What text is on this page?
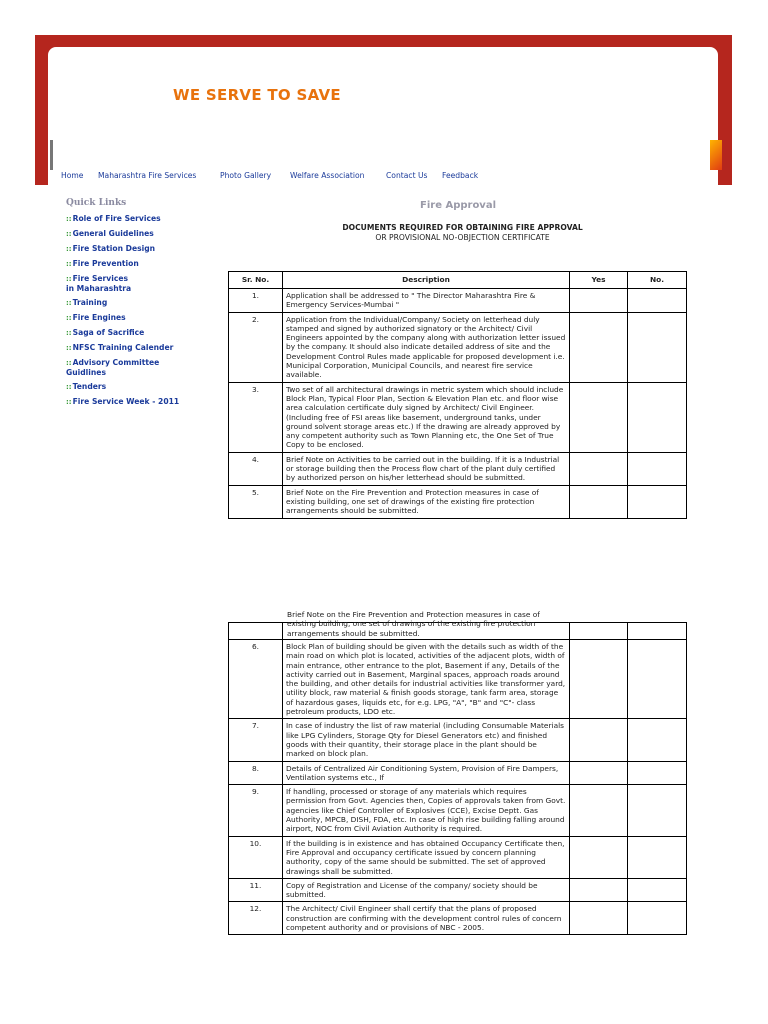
WE SERVE TO SAVE
Home Maharashtra Fire Services	Photo Gallery Welfare Association	Contact Us Feedback
Quick Links
::Role of Fire Services
::General Guidelines
::Fire Station Design
::Fire Prevention
::Fire Services
in Maharashtra
::Training
::Fire Engines
::Saga of Sacrifice
::NFSC Training Calender
::Advisory Committee
Guidlines
::Tenders
::Fire Service Week - 2011
Fire Approval
DOCUMENTS REQUIRED FOR OBTAINING FIRE APPROVAL
OR PROVISIONAL NO-OBJECTION CERTIFICATE
Sr. No.	Description	Yes	No.
1.	Application shall be addressed to " The Director Maharashtra Fire & Emergency Services-Mumbai "		
2.	Application from the Individual/Company/ Society on letterhead duly stamped and signed by authorized signatory or the Architect/ Civil Engineers appointed by the company along with authorization letter issued by the company. It should also indicate detailed address of site and the Development Control Rules made applicable for proposed development i.e. Municipal Corporation, Municipal Councils, and nearest fire service available.		
3.	Two set of all architectural drawings in metric system which should include Block Plan, Typical Floor Plan, Section & Elevation Plan etc. and floor wise area calculation certificate duly signed by Architect/ Civil Engineer.(Including free of FSI areas like basement, underground tanks, under ground solvent storage areas etc.) If the drawing are already approved by any competent authority such as Town Planning etc, the One Set of True Copy to be enclosed.		
4.	Brief Note on Activities to be carried out in the building. If it is a Industrial or storage building then the Process flow chart of the plant duly certified by authorized person on his/her letterhead should be submitted.		
5.	Brief Note on the Fire Prevention and Protection measures in case of existing building, one set of drawings of the existing fire protection arrangements should be submitted.		

	Brief Note on the Fire Prevention and Protection measures in case of existing building, one set of drawings of the existing fire protection arrangements should be submitted.		

6.	Block Plan of building should be given with the details such as width of the main road on which plot is located, activities of the adjacent plots, width of main entrance, other entrance to the plot, Basement if any, Details of the activity carried out in Basement, Marginal spaces, approach roads around the building, and other details for industrial activities like transformer yard, utility block, raw material & finish goods storage, tank farm area, storage of hazardous gases, liquids etc, for e.g. LPG, "A", "B" and "C"- class petroleum products, LDO etc.		
7.	In case of industry the list of raw material (including Consumable Materials like LPG Cylinders, Storage Qty for Diesel Generators etc) and finished goods with their quantity, their storage place in the plant should be marked on block plan.		
8.	Details of Centralized Air Conditioning System, Provision of Fire Dampers, Ventilation systems etc., If		
9.	If handling, processed or storage of any materials which requires permission from Govt. Agencies then, Copies of approvals taken from Govt. agencies like Chief Controller of Explosives (CCE), Excise Deptt. Gas Authority, MPCB, DISH, FDA, etc. In case of high rise building falling around airport, NOC from Civil Aviation Authority is required.		
10.	If the building is in existence and has obtained Occupancy Certificate then, Fire Approval and occupancy certificate issued by concern planning authority, copy of the same should be submitted. The set of approved drawings shall be submitted.		
11.	Copy of Registration and License of the company/ society should be submitted.		
12.	The Architect/ Civil Engineer shall certify that the plans of proposed construction are confirming with the development control rules of concern competent authority and or provisions of NBC - 2005.		
